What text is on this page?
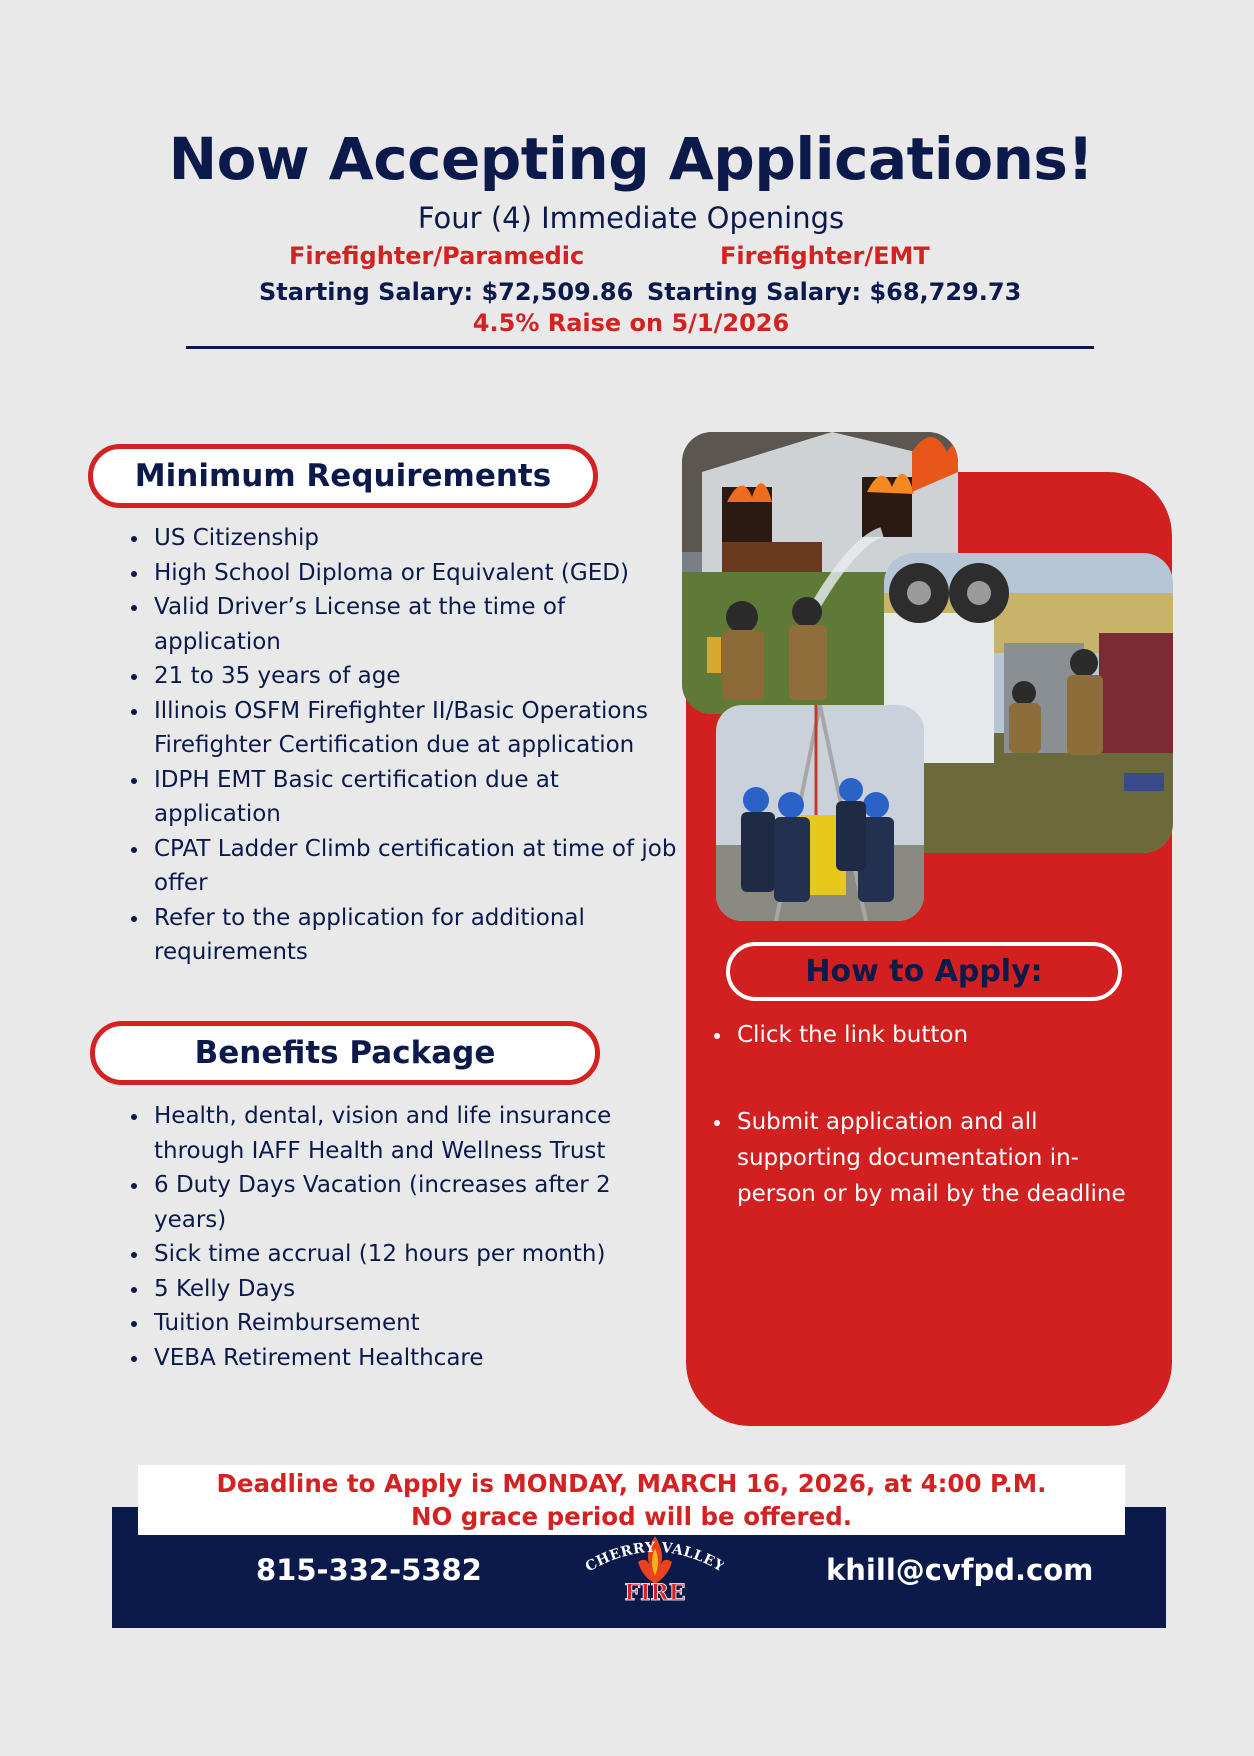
Now Accepting Applications!
Four (4) Immediate Openings
Firefighter/Paramedic	Firefighter/EMT
Starting Salary: $72,509.86 Starting Salary: $68,729.73
4.5% Raise on 5/1/2026
Minimum Requirements
US Citizenship
High School Diploma or Equivalent (GED)
Valid Driver’s License at the time of application
21 to 35 years of age
Illinois OSFM Firefighter II/Basic Operations Firefighter Certification due at application
IDPH EMT Basic certification due at application
CPAT Ladder Climb certification at time of job offer
Refer to the application for additional requirements
Benefits Package
Health, dental, vision and life insurance through IAFF Health and Wellness Trust
6 Duty Days Vacation (increases after 2 years)
Sick time accrual (12 hours per month)
5 Kelly Days
Tuition Reimbursement
VEBA Retirement Healthcare
How to Apply:
Click the link button
Submit application and all supporting documentation in-person or by mail by the deadline
Deadline to Apply is MONDAY, MARCH 16, 2026, at 4:00 P.M.
NO grace period will be offered.
815-332-5382	khill@cvfpd.com
HERRY VALLE
FIRE
